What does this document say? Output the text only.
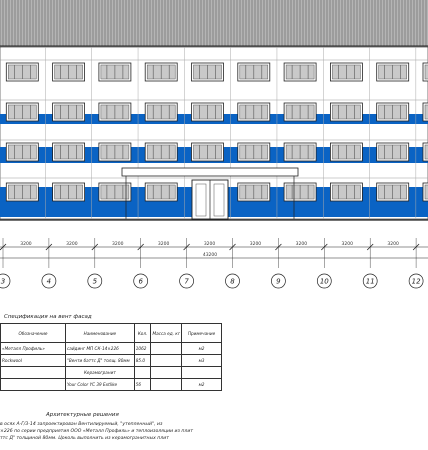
3200	3200	3200	3200	3200	3200	3200	3200	3200
43200
3	4	5	6	7	8	9	10	11	12
Спецификация на вент фасад
Обозначение	Наименование	Кол.	Масса ед. кг	Примечание
«Металл Профиль»	сайдинг МП СК-14×226	1062		м2
Rockwool	"Венти баттс Д" толщ. 80мм	85.0		м3
	Керамогранит			
	Your Color YC 39 Extlike	56		м2
Архитектурные решения
в осях А-Г/3-14 запроектирован Вентилируемый, "утепленный", из
×226 по серии предприятия ООО «Металл Профиль» и теплоизоляции из плит
ттс Д" толщиной 80мм. Цоколь выполнить из керамогранитных плит
